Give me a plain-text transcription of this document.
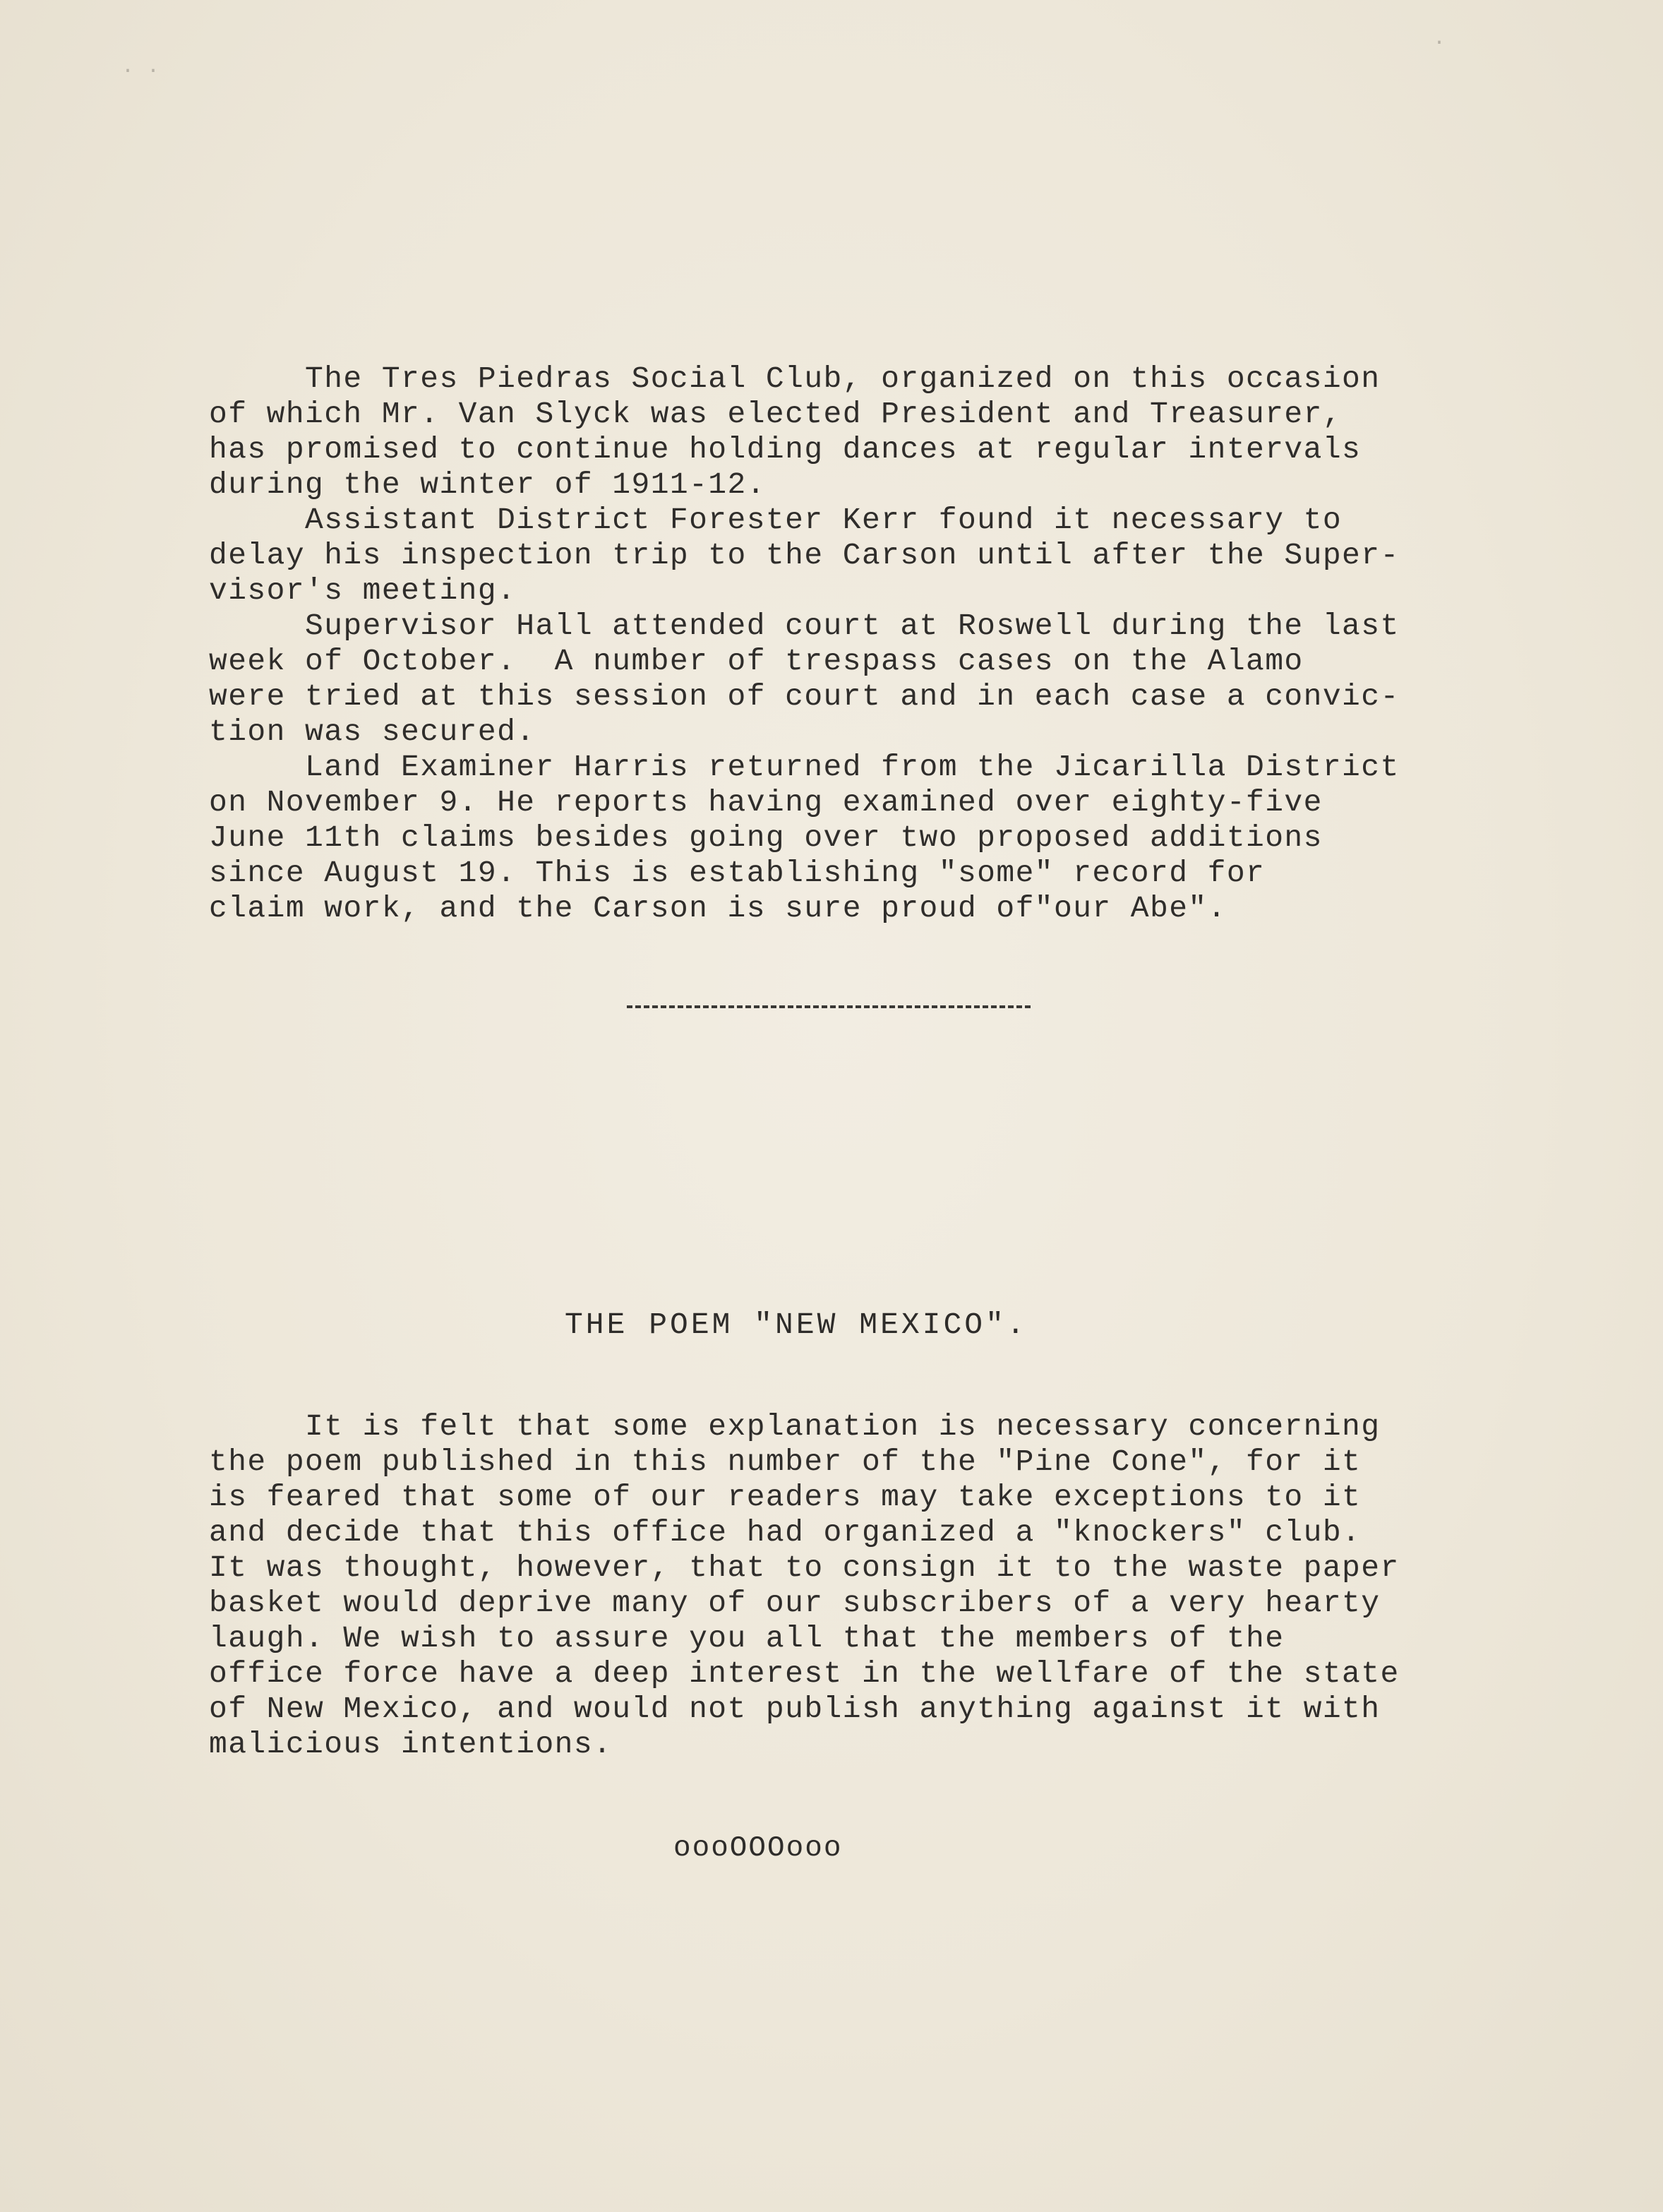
· ·
·
The Tres Piedras Social Club, organized on this occasion
of which Mr. Van Slyck was elected President and Treasurer,
has promised to continue holding dances at regular intervals
during the winter of 1911-12.
Assistant District Forester Kerr found it necessary to
delay his inspection trip to the Carson until after the Super-
visor's meeting.
Supervisor Hall attended court at Roswell during the last
week of October.  A number of trespass cases on the Alamo
were tried at this session of court and in each case a convic-
tion was secured.
Land Examiner Harris returned from the Jicarilla District
on November 9. He reports having examined over eighty-five
June 11th claims besides going over two proposed additions
since August 19. This is establishing "some" record for
claim work, and the Carson is sure proud of"our Abe".
THE POEM "NEW MEXICO".
It is felt that some explanation is necessary concerning
the poem published in this number of the "Pine Cone", for it
is feared that some of our readers may take exceptions to it
and decide that this office had organized a "knockers" club.
It was thought, however, that to consign it to the waste paper
basket would deprive many of our subscribers of a very hearty
laugh. We wish to assure you all that the members of the
office force have a deep interest in the wellfare of the state
of New Mexico, and would not publish anything against it with
malicious intentions.
oooOOOooo
